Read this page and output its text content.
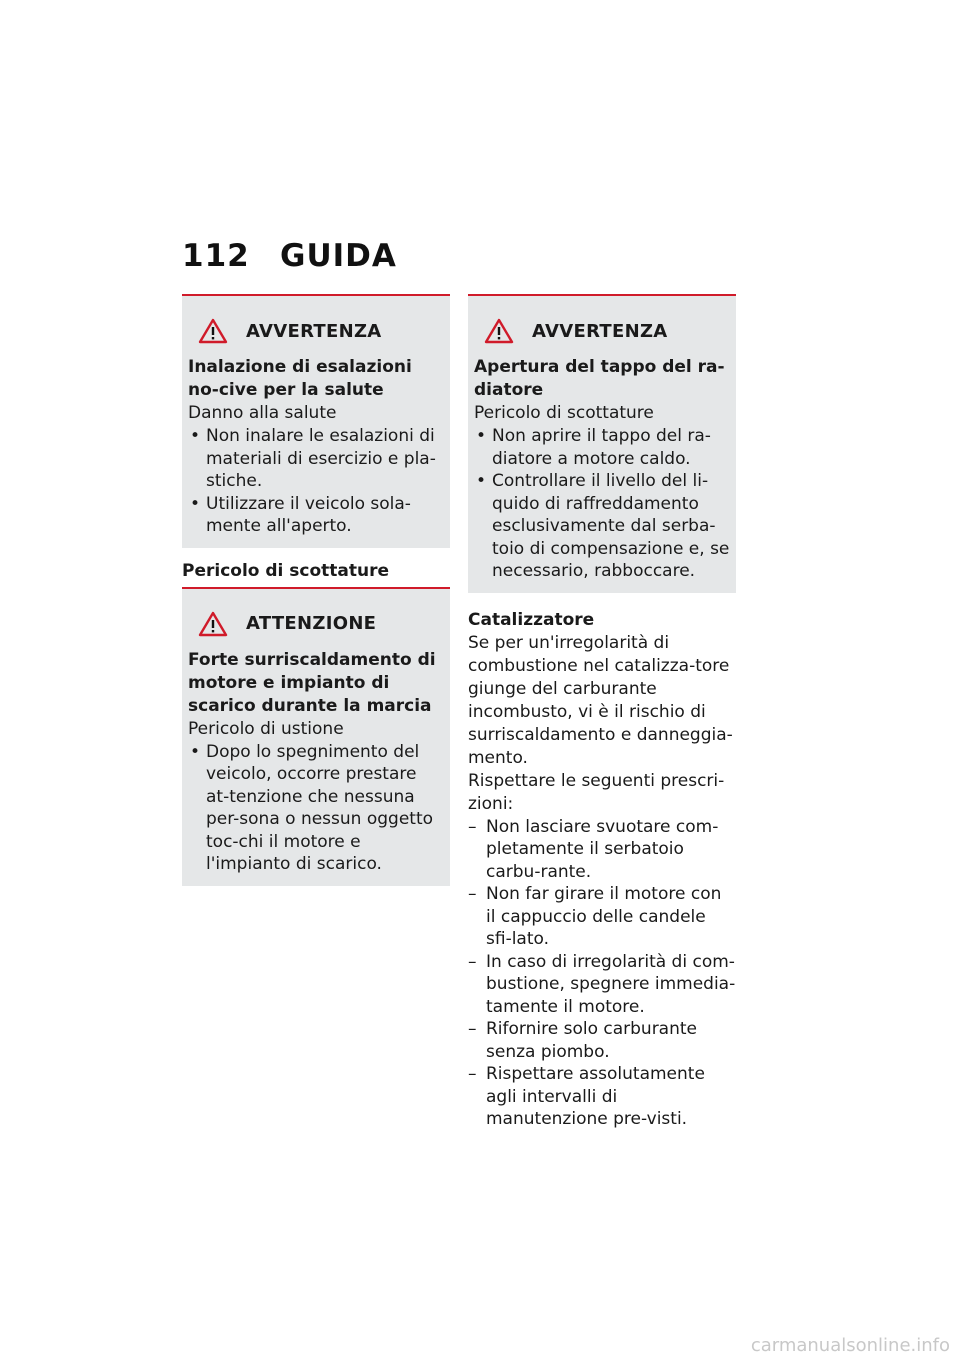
112 GUIDA
AVVERTENZA
Inalazione di esalazioni no-cive per la salute
Danno alla salute
• Non inalare le esalazioni di materiali di esercizio e pla-stiche.
• Utilizzare il veicolo sola-mente all'aperto.
Pericolo di scottature
ATTENZIONE
Forte surriscaldamento di motore e impianto di scarico durante la marcia
Pericolo di ustione
• Dopo lo spegnimento del veicolo, occorre prestare at-tenzione che nessuna per-sona o nessun oggetto toc-chi il motore e l'impianto di scarico.
AVVERTENZA
Apertura del tappo del ra-diatore
Pericolo di scottature
• Non aprire il tappo del ra-diatore a motore caldo.
• Controllare il livello del li-quido di raffreddamento esclusivamente dal serba-toio di compensazione e, se necessario, rabboccare.
Catalizzatore
Se per un'irregolarità di combustione nel catalizza-tore giunge del carburante incombusto, vi è il rischio di surriscaldamento e danneggia-mento.
Rispettare le seguenti prescri-zioni:
– Non lasciare svuotare com-pletamente il serbatoio carbu-rante.
– Non far girare il motore con il cappuccio delle candele sfi-lato.
– In caso di irregolarità di com-bustione, spegnere immedia-tamente il motore.
– Rifornire solo carburante senza piombo.
– Rispettare assolutamente agli intervalli di manutenzione pre-visti.
carmanualsonline.info
